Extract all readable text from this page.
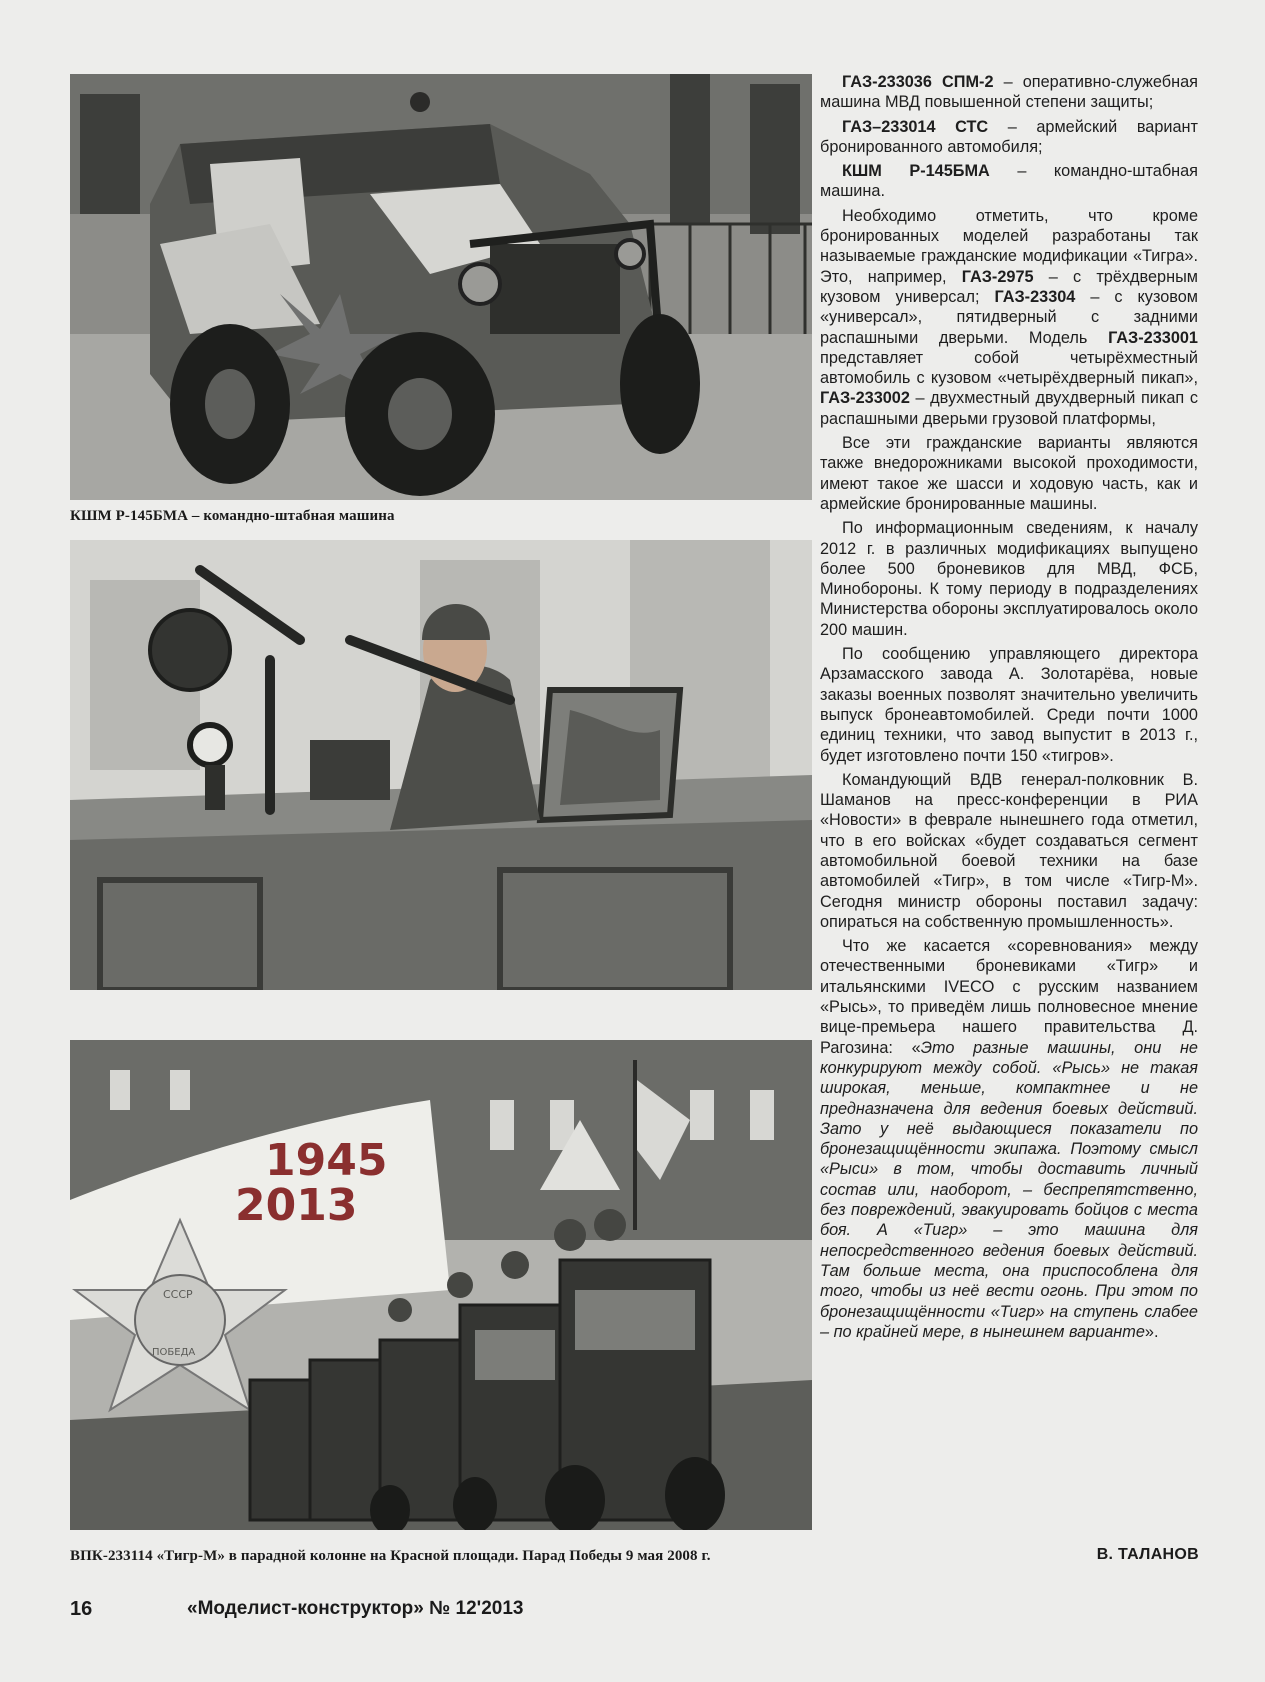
КШМ Р-145БМА – командно-штабная машина
1945
2013
СССР
ПОБЕДА
ВПК-233114 «Тигр-М» в парадной колонне на Красной площади. Парад Победы 9 мая 2008 г.

ГАЗ-233036 СПМ-2 – оперативно-служебная машина МВД повышенной степени защиты;

ГАЗ–233014 СТС – армейский вариант бронированного автомобиля;

КШМ Р-145БМА – командно-штабная машина.

Необходимо отметить, что кроме бронированных моделей разработаны так называемые гражданские модификации «Тигра». Это, например, ГАЗ-2975 – с трёхдверным кузовом универсал; ГАЗ-23304 – с кузовом «универсал», пятидверный с задними распашными дверьми. Модель ГАЗ-233001 представляет собой четырёхместный автомобиль с кузовом «четырёхдверный пикап», ГАЗ-233002 – двухместный двухдверный пикап с распашными дверьми грузовой платформы,

Все эти гражданские варианты являются также внедорожниками высокой проходимости, имеют такое же шасси и ходовую часть, как и армейские бронированные машины.

По информационным сведениям, к началу 2012 г. в различных модификациях выпущено более 500 броневиков для МВД, ФСБ, Минобороны. К тому периоду в подразделениях Министерства обороны эксплуатировалось около 200 машин.

По сообщению управляющего директора Арзамасского завода А. Золотарёва, новые заказы военных позволят значительно увеличить выпуск бронеавтомобилей. Среди почти 1000 единиц техники, что завод выпустит в 2013 г., будет изготовлено почти 150 «тигров».

Командующий ВДВ генерал-полковник В. Шаманов на пресс-конференции в РИА «Новости» в феврале нынешнего года отметил, что в его войсках «будет создаваться сегмент автомобильной боевой техники на базе автомобилей «Тигр», в том числе «Тигр-М». Сегодня министр обороны поставил задачу: опираться на собственную промышленность».

Что же касается «соревнования» между отечественными броневиками «Тигр» и итальянскими IVECO с русским названием «Рысь», то приведём лишь полновесное мнение вице-премьера нашего правительства Д. Рагозина: «Это разные машины, они не конкурируют между собой. «Рысь» не такая широкая, меньше, компактнее и не предназначена для ведения боевых действий. Зато у неё выдающиеся показатели по бронезащищённости экипажа. Поэтому смысл «Рыси» в том, чтобы доставить личный состав или, наоборот, – беспрепятственно, без повреждений, эвакуировать бойцов с места боя. А «Тигр» – это машина для непосредственного ведения боевых действий. Там больше места, она приспособлена для того, чтобы из неё вести огонь. При этом по бронезащищённости «Тигр» на ступень слабее – по крайней мере, в нынешнем варианте».

В. ТАЛАНОВ
16	«Моделист-конструктор» № 12'2013
